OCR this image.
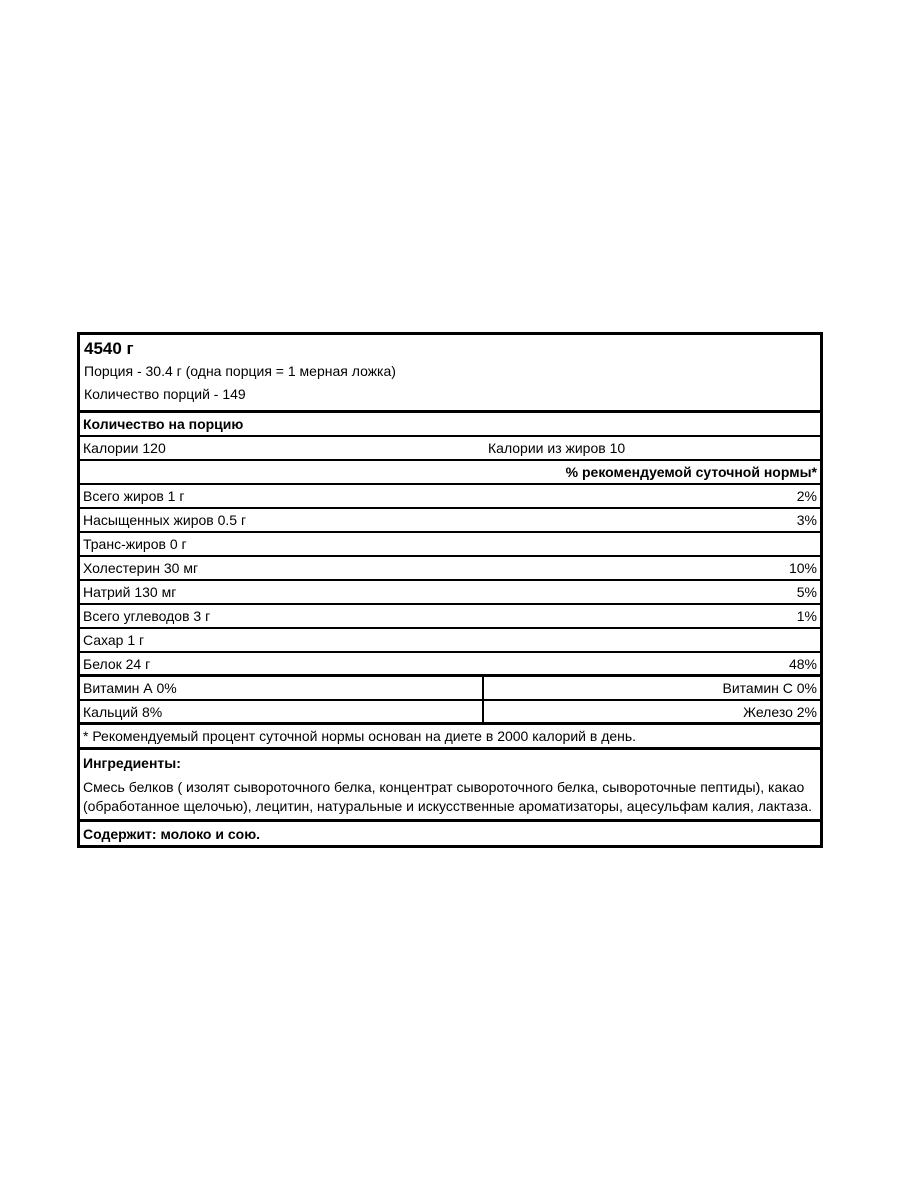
4540 г
Порция - 30.4 г (одна порция = 1 мерная ложка)
Количество порций - 149
Количество на порцию
Калории 120	Калории из жиров 10
% рекомендуемой суточной нормы*
Всего жиров 1 г	2%
Насыщенных жиров 0.5 г	3%
Транс-жиров 0 г
Холестерин 30 мг	10%
Натрий 130 мг	5%
Всего углеводов 3 г	1%
Сахар 1 г
Белок 24 г	48%
Витамин А 0%	Витамин С 0%
Кальций 8%	Железо 2%
* Рекомендуемый процент суточной нормы основан на диете в 2000 калорий в день.
Ингредиенты:
Смесь белков ( изолят сывороточного белка, концентрат сывороточного белка, сывороточные пептиды), какао (обработанное щелочью), лецитин, натуральные и искусственные ароматизаторы, ацесульфам калия, лактаза.
Содержит: молоко и сою.
